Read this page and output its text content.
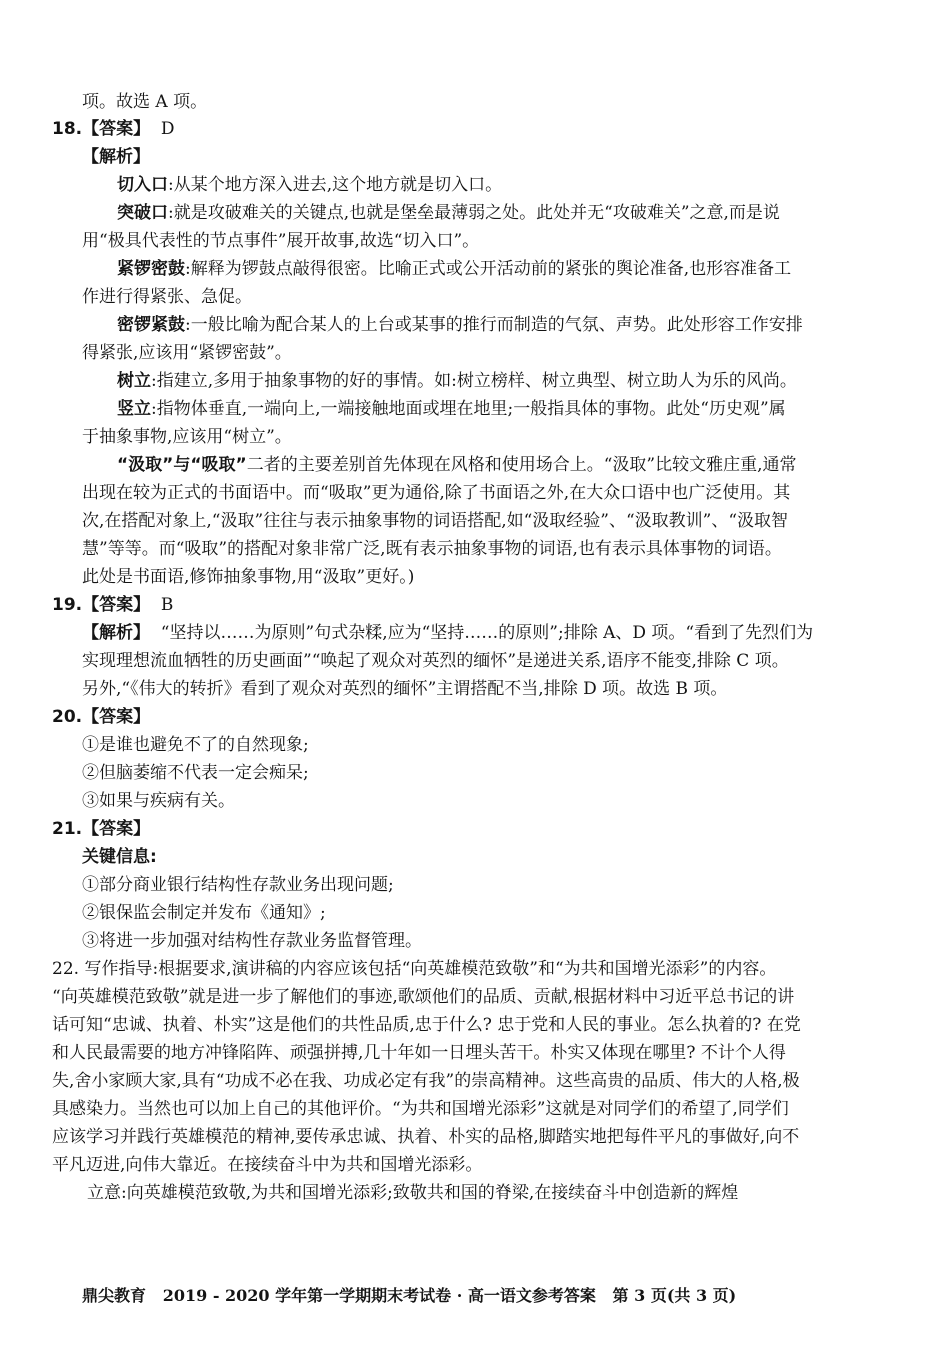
项。故选 A 项。
18.【答案】  D
【解析】
切入口:从某个地方深入进去,这个地方就是切入口。
突破口:就是攻破难关的关键点,也就是堡垒最薄弱之处。此处并无“攻破难关”之意,而是说
用“极具代表性的节点事件”展开故事,故选“切入口”。
紧锣密鼓:解释为锣鼓点敲得很密。比喻正式或公开活动前的紧张的舆论准备,也形容准备工
作进行得紧张、急促。
密锣紧鼓:一般比喻为配合某人的上台或某事的推行而制造的气氛、声势。此处形容工作安排
得紧张,应该用“紧锣密鼓”。
树立:指建立,多用于抽象事物的好的事情。如:树立榜样、树立典型、树立助人为乐的风尚。
竖立:指物体垂直,一端向上,一端接触地面或埋在地里;一般指具体的事物。此处“历史观”属
于抽象事物,应该用“树立”。
“汲取”与“吸取”二者的主要差别首先体现在风格和使用场合上。“汲取”比较文雅庄重,通常
出现在较为正式的书面语中。而“吸取”更为通俗,除了书面语之外,在大众口语中也广泛使用。其
次,在搭配对象上,“汲取”往往与表示抽象事物的词语搭配,如“汲取经验”、“汲取教训”、“汲取智
慧”等等。而“吸取”的搭配对象非常广泛,既有表示抽象事物的词语,也有表示具体事物的词语。
此处是书面语,修饰抽象事物,用“汲取”更好。)
19.【答案】  B
【解析】  “坚持以……为原则”句式杂糅,应为“坚持……的原则”;排除 A、D 项。“看到了先烈们为
实现理想流血牺牲的历史画面”“唤起了观众对英烈的缅怀”是递进关系,语序不能变,排除 C 项。
另外,“《伟大的转折》看到了观众对英烈的缅怀”主谓搭配不当,排除 D 项。故选 B 项。
20.【答案】
①是谁也避免不了的自然现象;
②但脑萎缩不代表一定会痴呆;
③如果与疾病有关。
21.【答案】
关键信息:
①部分商业银行结构性存款业务出现问题;
②银保监会制定并发布《通知》;
③将进一步加强对结构性存款业务监督管理。
22. 写作指导:根据要求,演讲稿的内容应该包括“向英雄模范致敬”和“为共和国增光添彩”的内容。
“向英雄模范致敬”就是进一步了解他们的事迹,歌颂他们的品质、贡献,根据材料中习近平总书记的讲
话可知“忠诚、执着、朴实”这是他们的共性品质,忠于什么? 忠于党和人民的事业。怎么执着的? 在党
和人民最需要的地方冲锋陷阵、顽强拼搏,几十年如一日埋头苦干。朴实又体现在哪里? 不计个人得
失,舍小家顾大家,具有“功成不必在我、功成必定有我”的崇高精神。这些高贵的品质、伟大的人格,极
具感染力。当然也可以加上自己的其他评价。“为共和国增光添彩”这就是对同学们的希望了,同学们
应该学习并践行英雄模范的精神,要传承忠诚、执着、朴实的品格,脚踏实地把每件平凡的事做好,向不
平凡迈进,向伟大靠近。在接续奋斗中为共和国增光添彩。
立意:向英雄模范致敬,为共和国增光添彩;致敬共和国的脊梁,在接续奋斗中创造新的辉煌
鼎尖教育   2019 - 2020 学年第一学期期末考试卷 · 高一语文参考答案   第 3 页(共 3 页)
